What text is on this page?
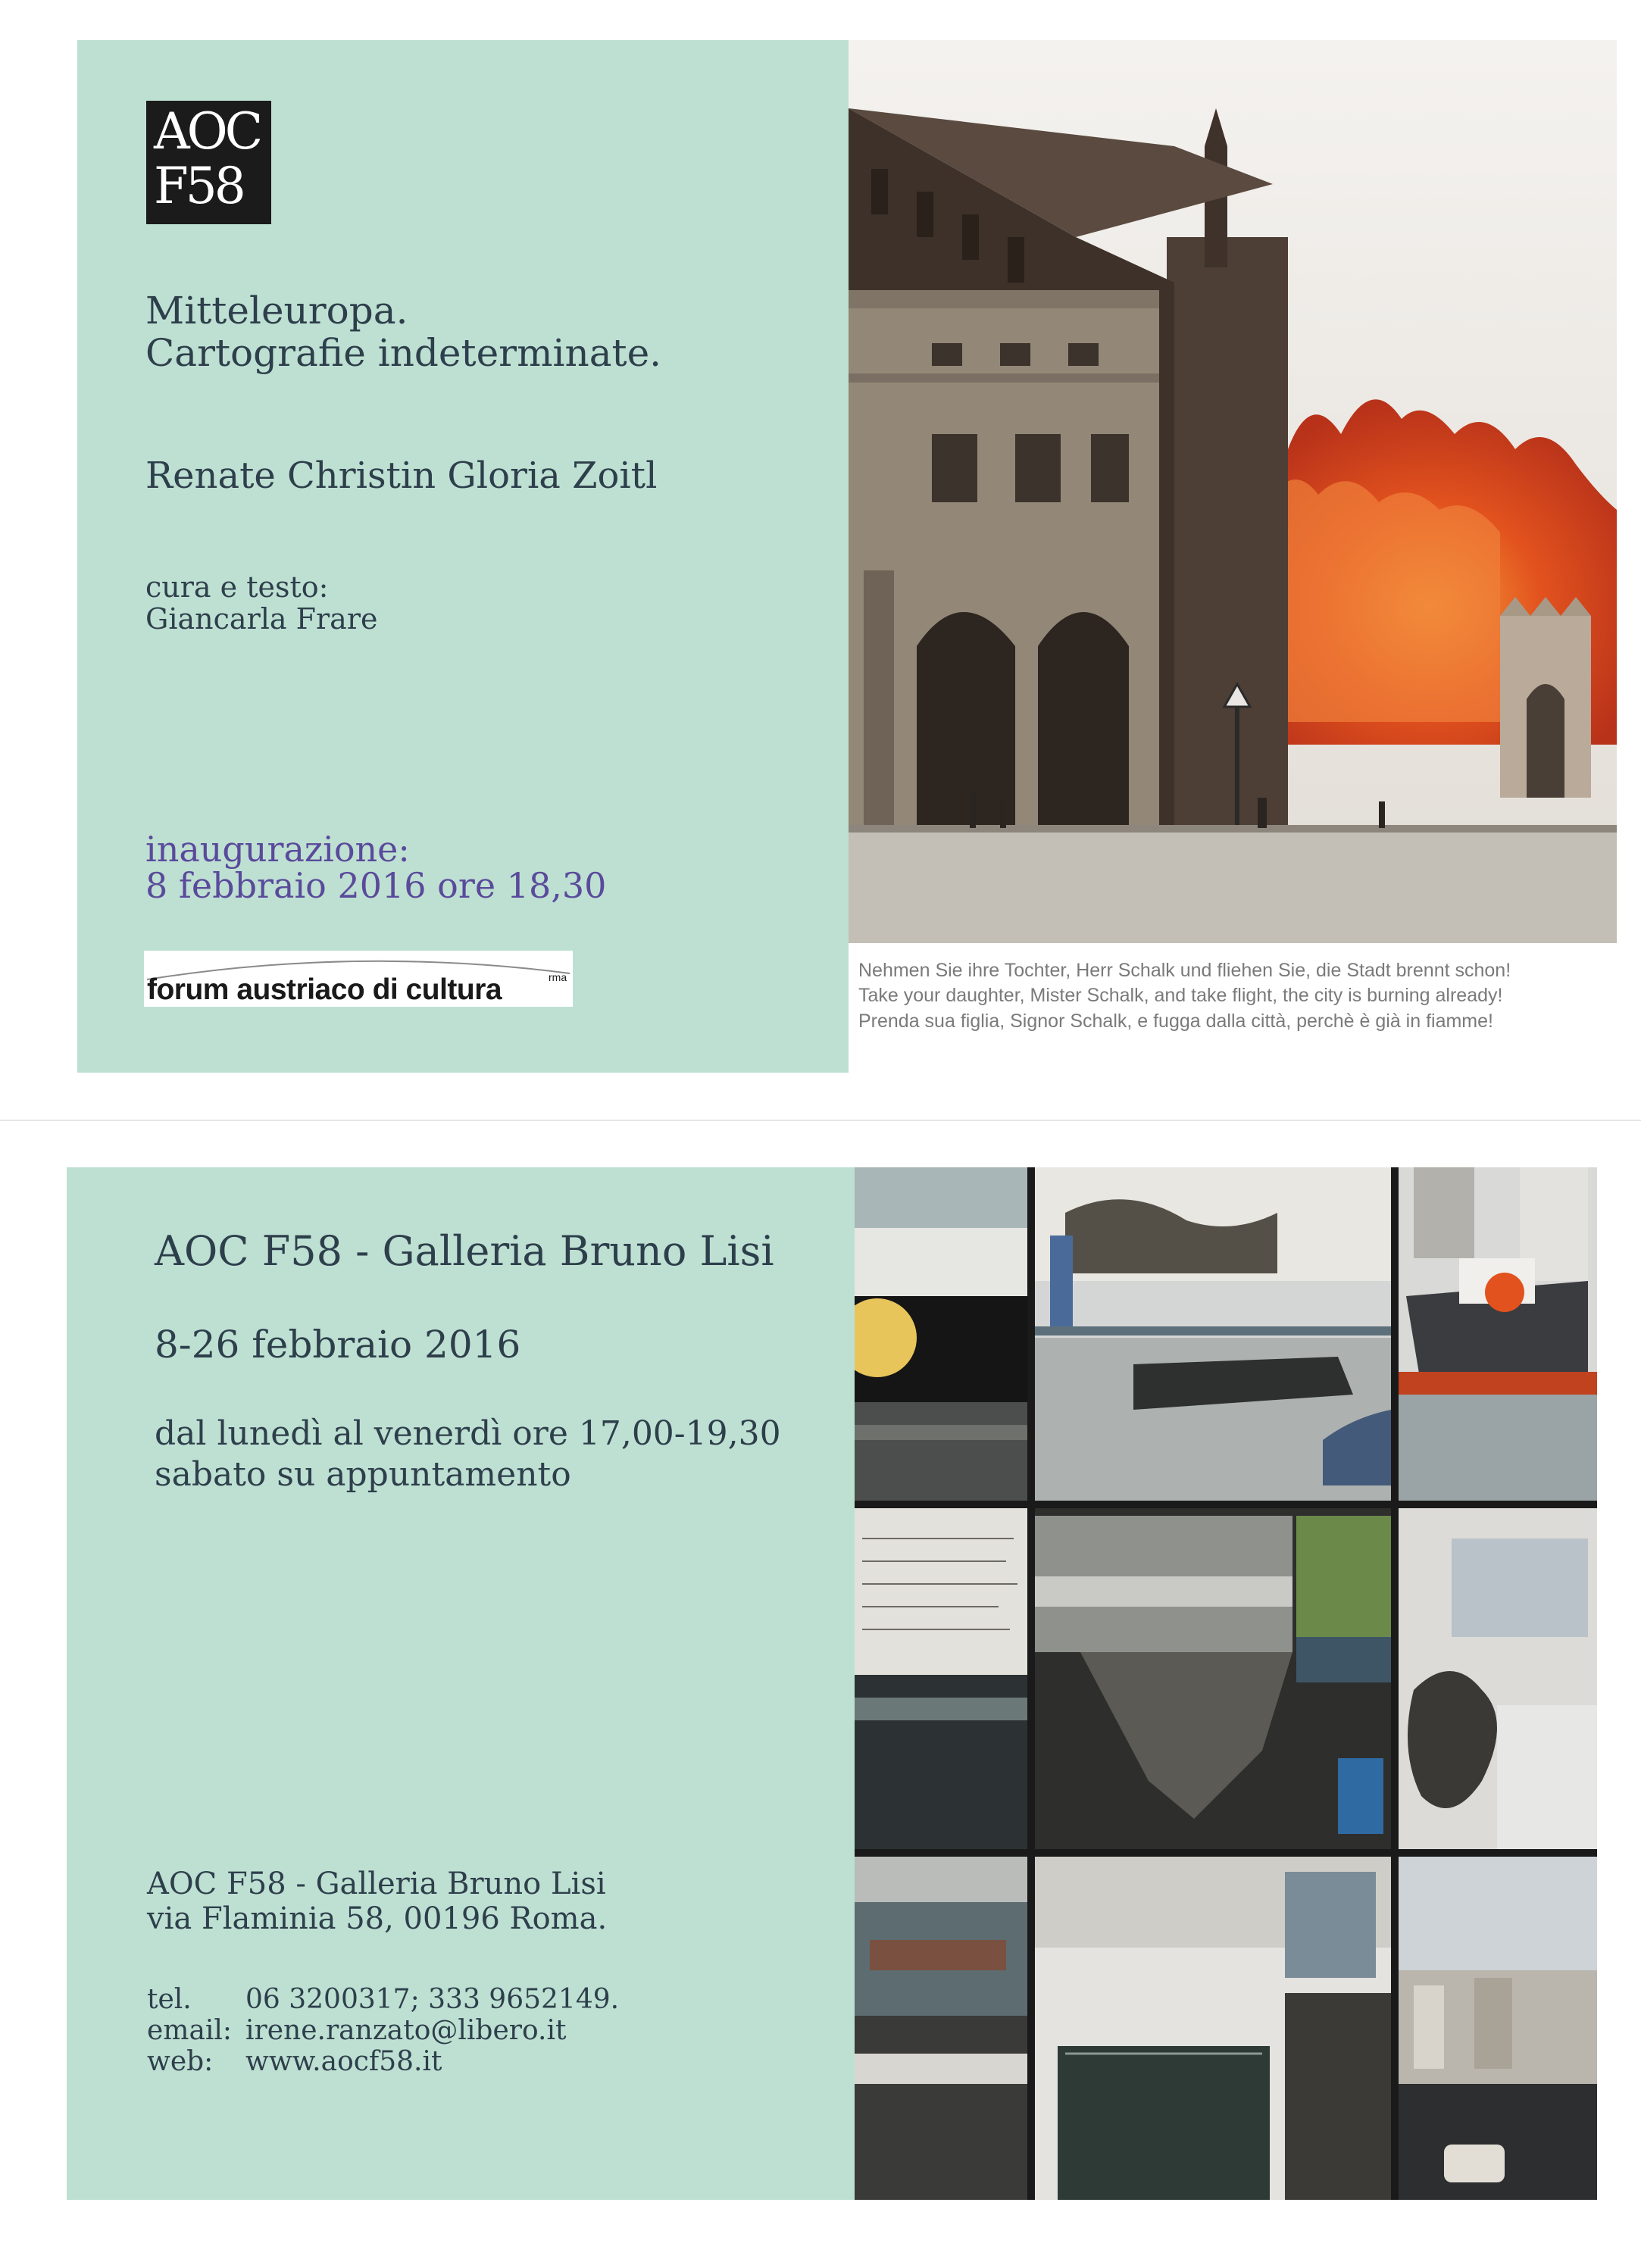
AOC
F58
Mitteleuropa.
Cartografie indeterminate.
Renate Christin Gloria Zoitl
cura e testo:
Giancarla Frare
inaugurazione:
8 febbraio 2016 ore 18,30
forum austriaco di cultura	rma	Nehmen Sie ihre Tochter, Herr Schalk und fliehen Sie, die Stadt brennt schon!
Take your daughter, Mister Schalk, and take flight, the city is burning already!
Prenda sua figlia, Signor Schalk, e fugga dalla città, perchè è già in fiamme!
AOC F58 - Galleria Bruno Lisi
8-26 febbraio 2016
dal lunedì al venerdì ore 17,00-19,30
sabato su appuntamento
AOC F58 - Galleria Bruno Lisi
via Flaminia 58, 00196 Roma.
tel.	06 3200317; 333 9652149.
email: irene.ranzato@libero.it
web:	www.aocf58.it
